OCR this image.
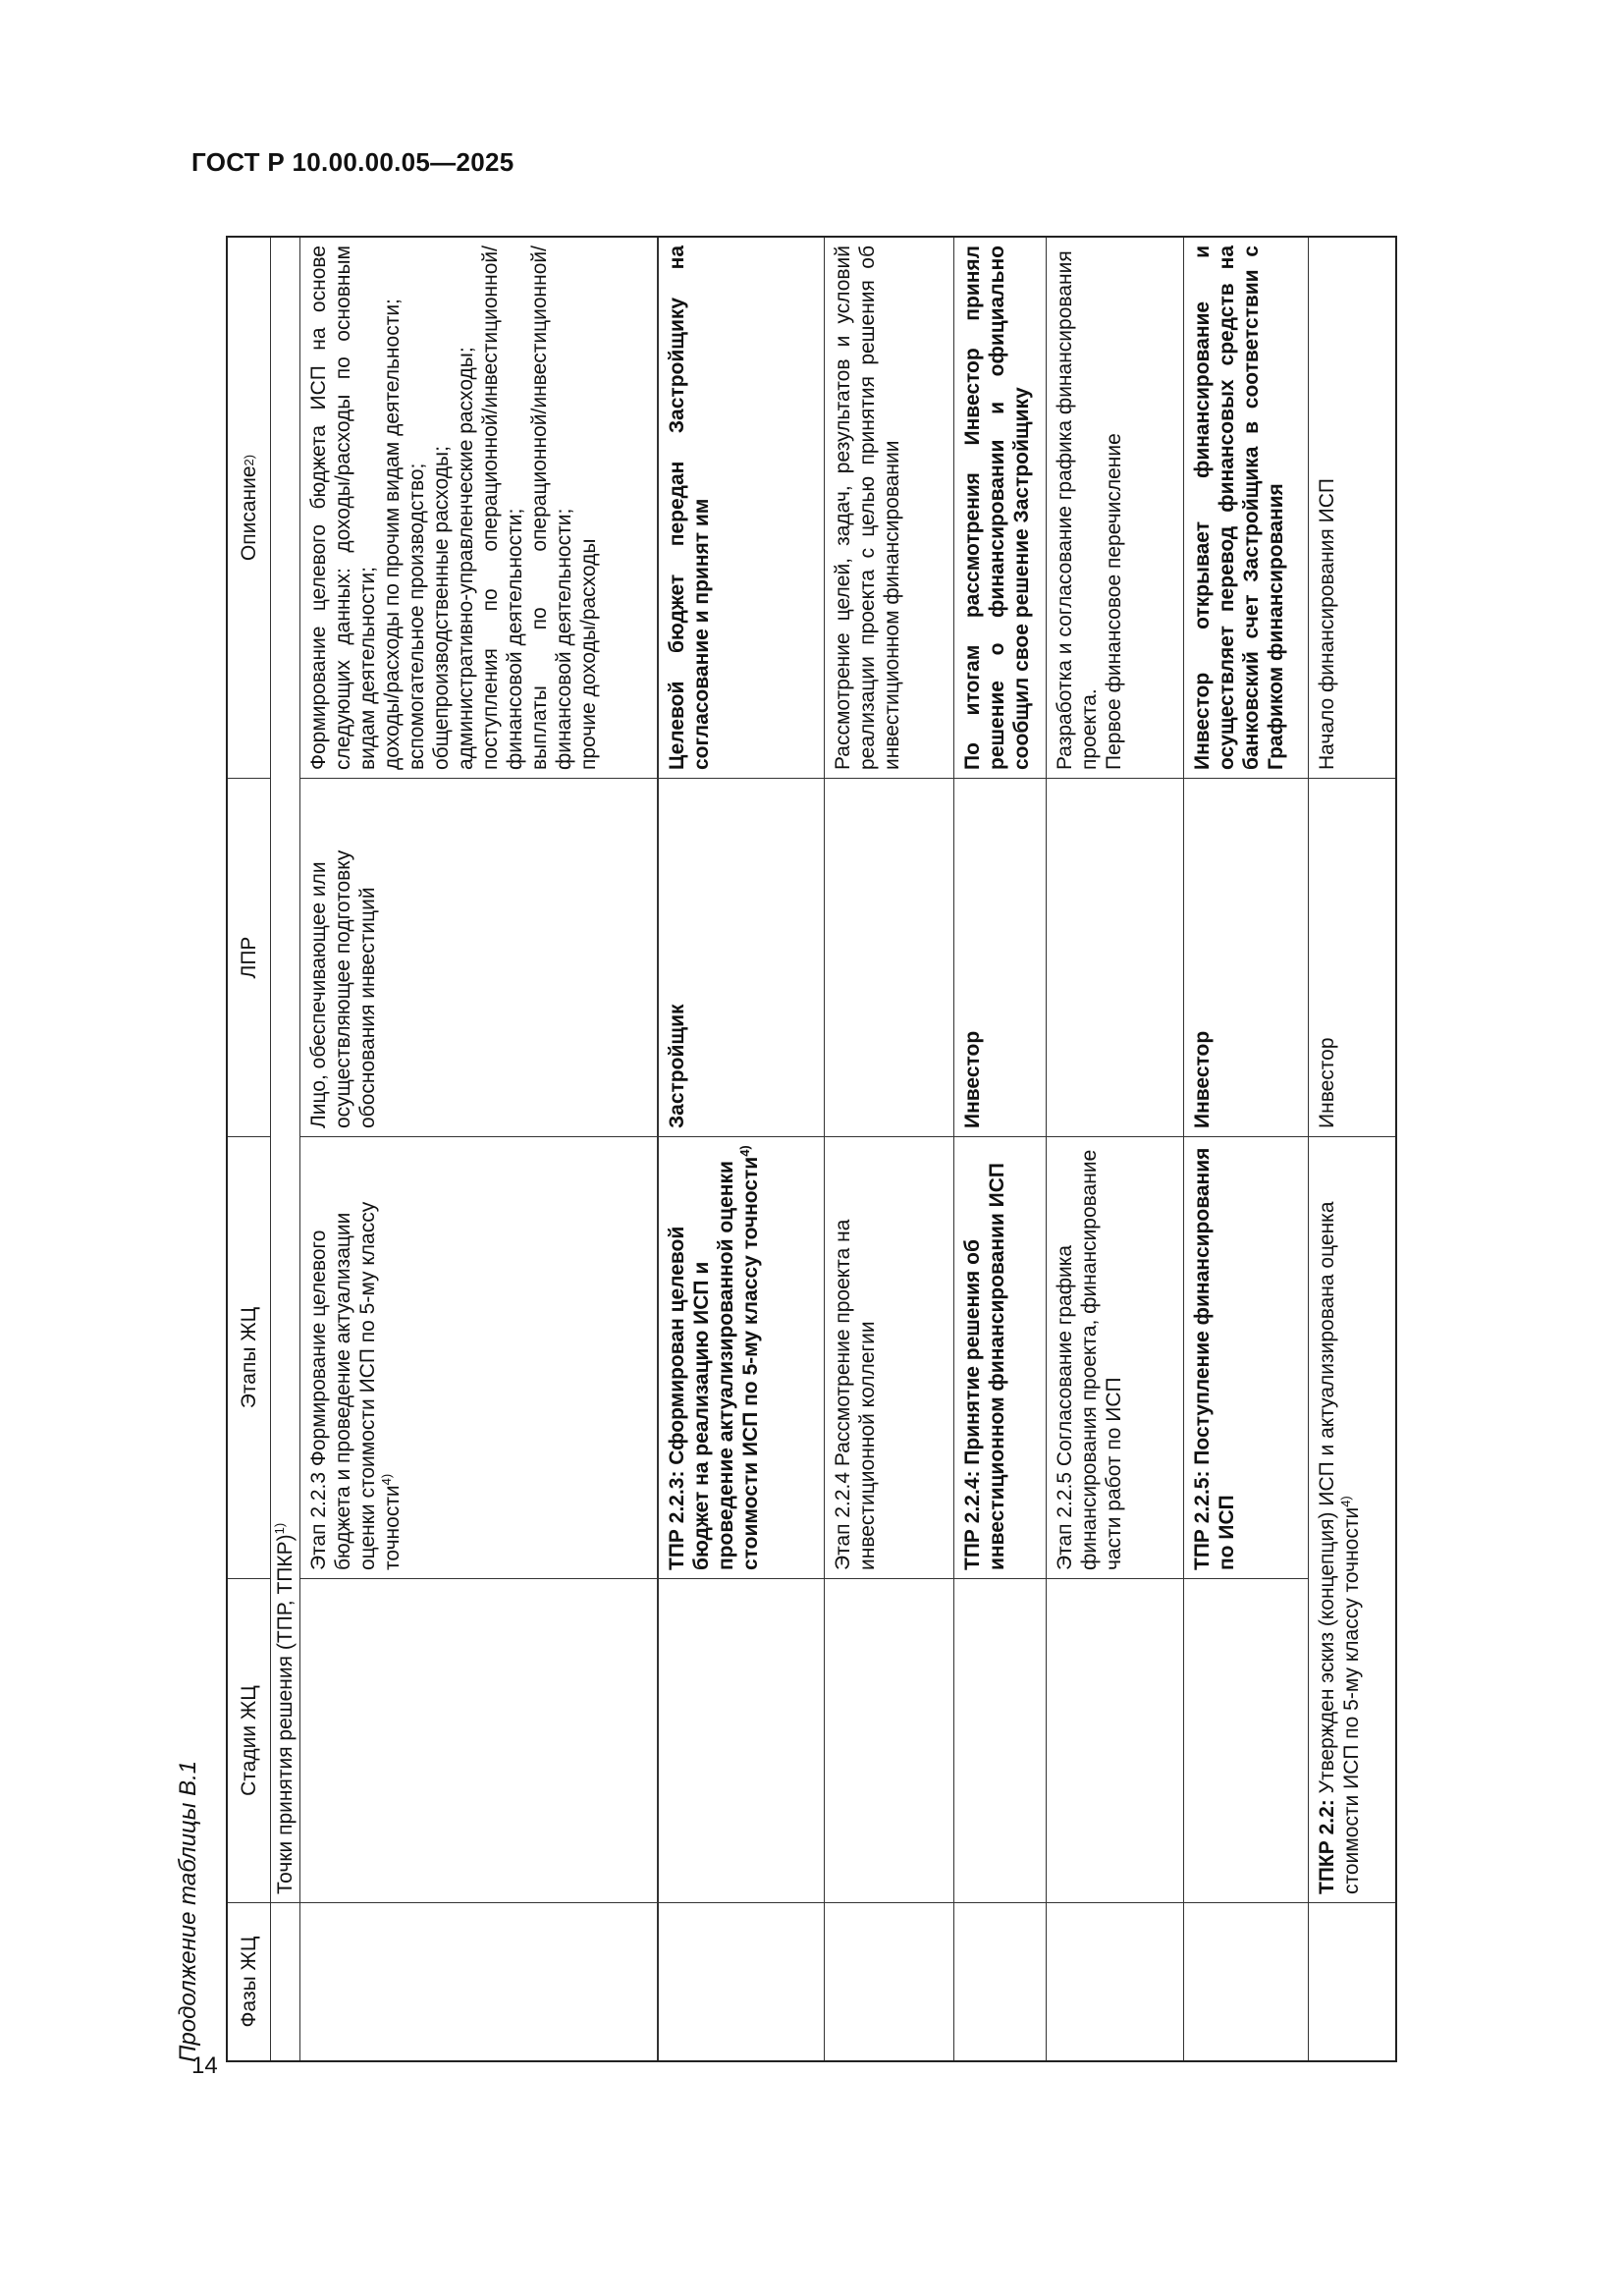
ГОСТ Р 10.00.00.05—2025
14
Продолжение таблицы В.1	Фазы ЖЦ
Стадии ЖЦ
Этапы ЖЦ
ЛПР
Описание
2)
Точки принятия решения (ТПР, ТПКР)$^{1)}$	Этап 2.2.3 Формирование целевого бюджета и проведение актуализации оценки стоимости ИСП по 5-му классу точности$^{4)}$
Лицо, обеспечивающее или осуществляющее подготовку обоснования инвестиций
Формирование целевого бюджета ИСП на основе следующих данных: доходы/расходы по основным видам деятельности; доходы/расходы по прочим видам деятельности; вспомогательное производство; общепроизводственные расходы; административно-управленческие расходы; поступления по операционной/инвестиционной/финансовой деятельности; выплаты по операционной/инвестиционной/финансовой деятельности; прочие доходы/расходы
ТПР 2.2.3: Сформирован целевой бюджет на реализацию ИСП и проведение актуализированной оценки стоимости ИСП по 5-му классу точности$^{4)}$
Застройщик
Целевой бюджет передан Застройщику на согласование и принят им
Этап 2.2.4 Рассмотрение проекта на инвестиционной коллегии
Рассмотрение целей, задач, результатов и условий реализации проекта с целью принятия решения об инвестиционном финансировании
ТПР 2.2.4: Принятие решения об инвестиционном финансировании ИСП
Инвестор
По итогам рассмотрения Инвестор принял решение о финансировании и официально сообщил свое решение Застройщику
Этап 2.2.5 Согласование графика финансирования проекта, финансирование части работ по ИСП
Разработка и согласование графика финансирования проекта. Первое финансовое перечисление
ТПР 2.2.5: Поступление финансирования по ИСП
Инвестор
Инвестор открывает финансирование и осуществляет перевод финансовых средств на банковский счет Застройщика в соответствии с Графиком финансирования
ТПКР 2.2: Утвержден эскиз (концепция) ИСП и актуализирована оценка стоимости ИСП по 5-му классу точности$^{4)}$
Инвестор
Начало финансирования ИСП
